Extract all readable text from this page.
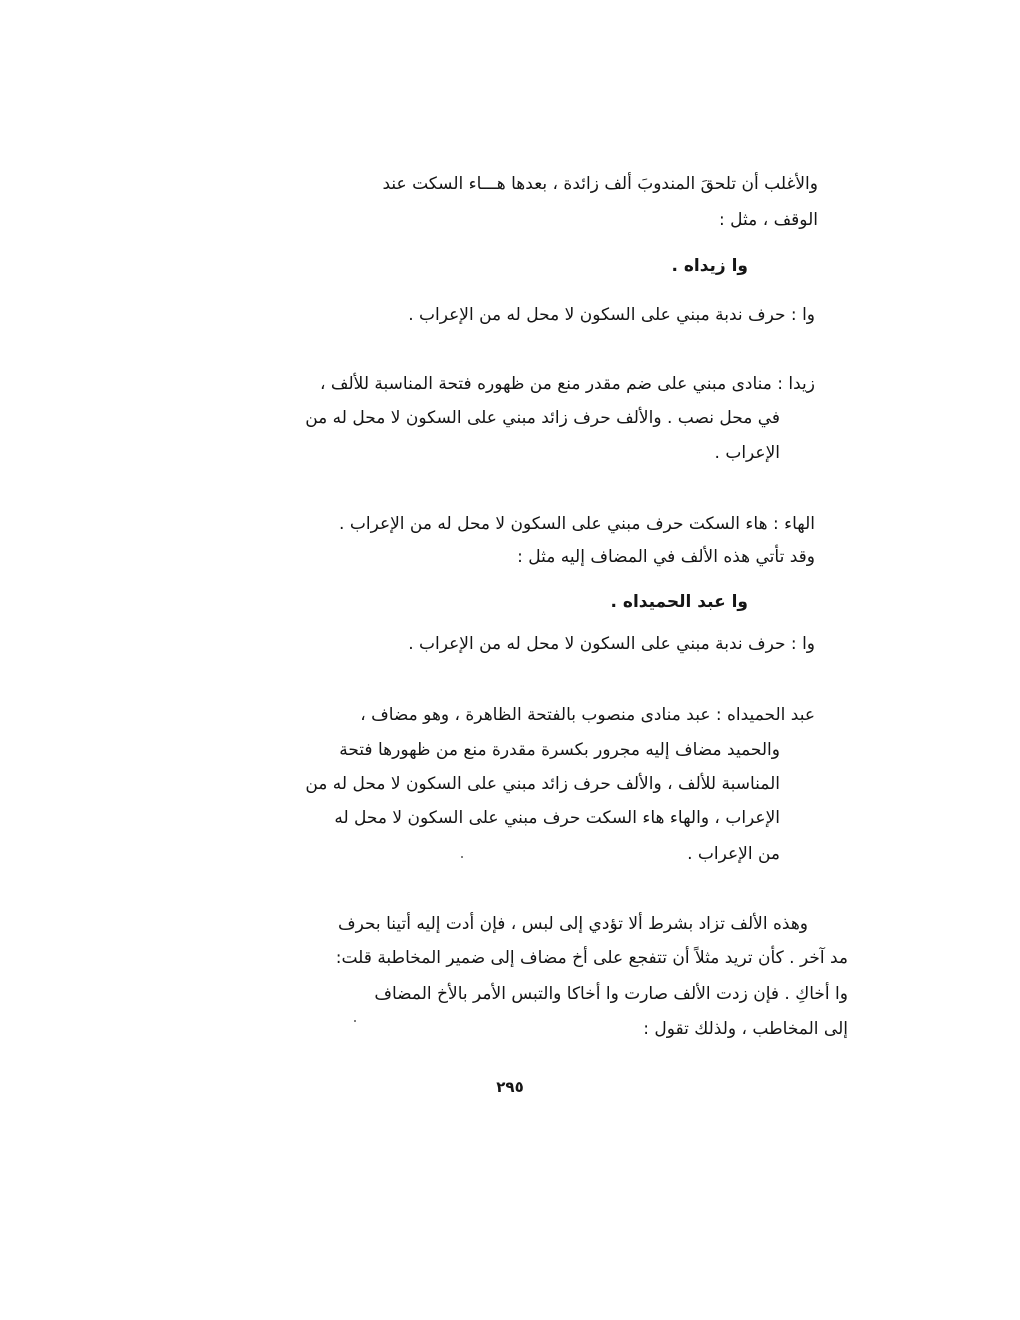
والأغلب أن تلحقَ المندوبَ ألف زائدة ، بعدها هـــاء السكت عند
الوقف ، مثل :
وا زيداه .
وا : حرف ندبة مبني على السكون لا محل له من الإعراب .
زيدا : منادى مبني على ضم مقدر منع من ظهوره فتحة المناسبة للألف ،
في محل نصب . والألف حرف زائد مبني على السكون لا محل له من
الإعراب .
الهاء : هاء السكت حرف مبني على السكون لا محل له من الإعراب .
وقد تأتي هذه الألف في المضاف إليه مثل :
وا عبد الحميداه .
وا : حرف ندبة مبني على السكون لا محل له من الإعراب .
عبد الحميداه : عبد منادى منصوب بالفتحة الظاهرة ، وهو مضاف ،
والحميد مضاف إليه مجرور بكسرة مقدرة منع من ظهورها فتحة
المناسبة للألف ، والألف حرف زائد مبني على السكون لا محل له من
الإعراب ، والهاء هاء السكت حرف مبني على السكون لا محل له
من الإعراب .
وهذه الألف تزاد بشرط ألا تؤدي إلى لبس ، فإن أدت إليه أتينا بحرف
مد آخر . كأن تريد مثلاً أن تتفجع على أخ مضاف إلى ضمير المخاطبة قلت:
وا أخاكِ . فإن زدت الألف صارت وا أخاكا والتبس الأمر بالأخ المضاف
إلى المخاطب ، ولذلك تقول :
٢٩٥
